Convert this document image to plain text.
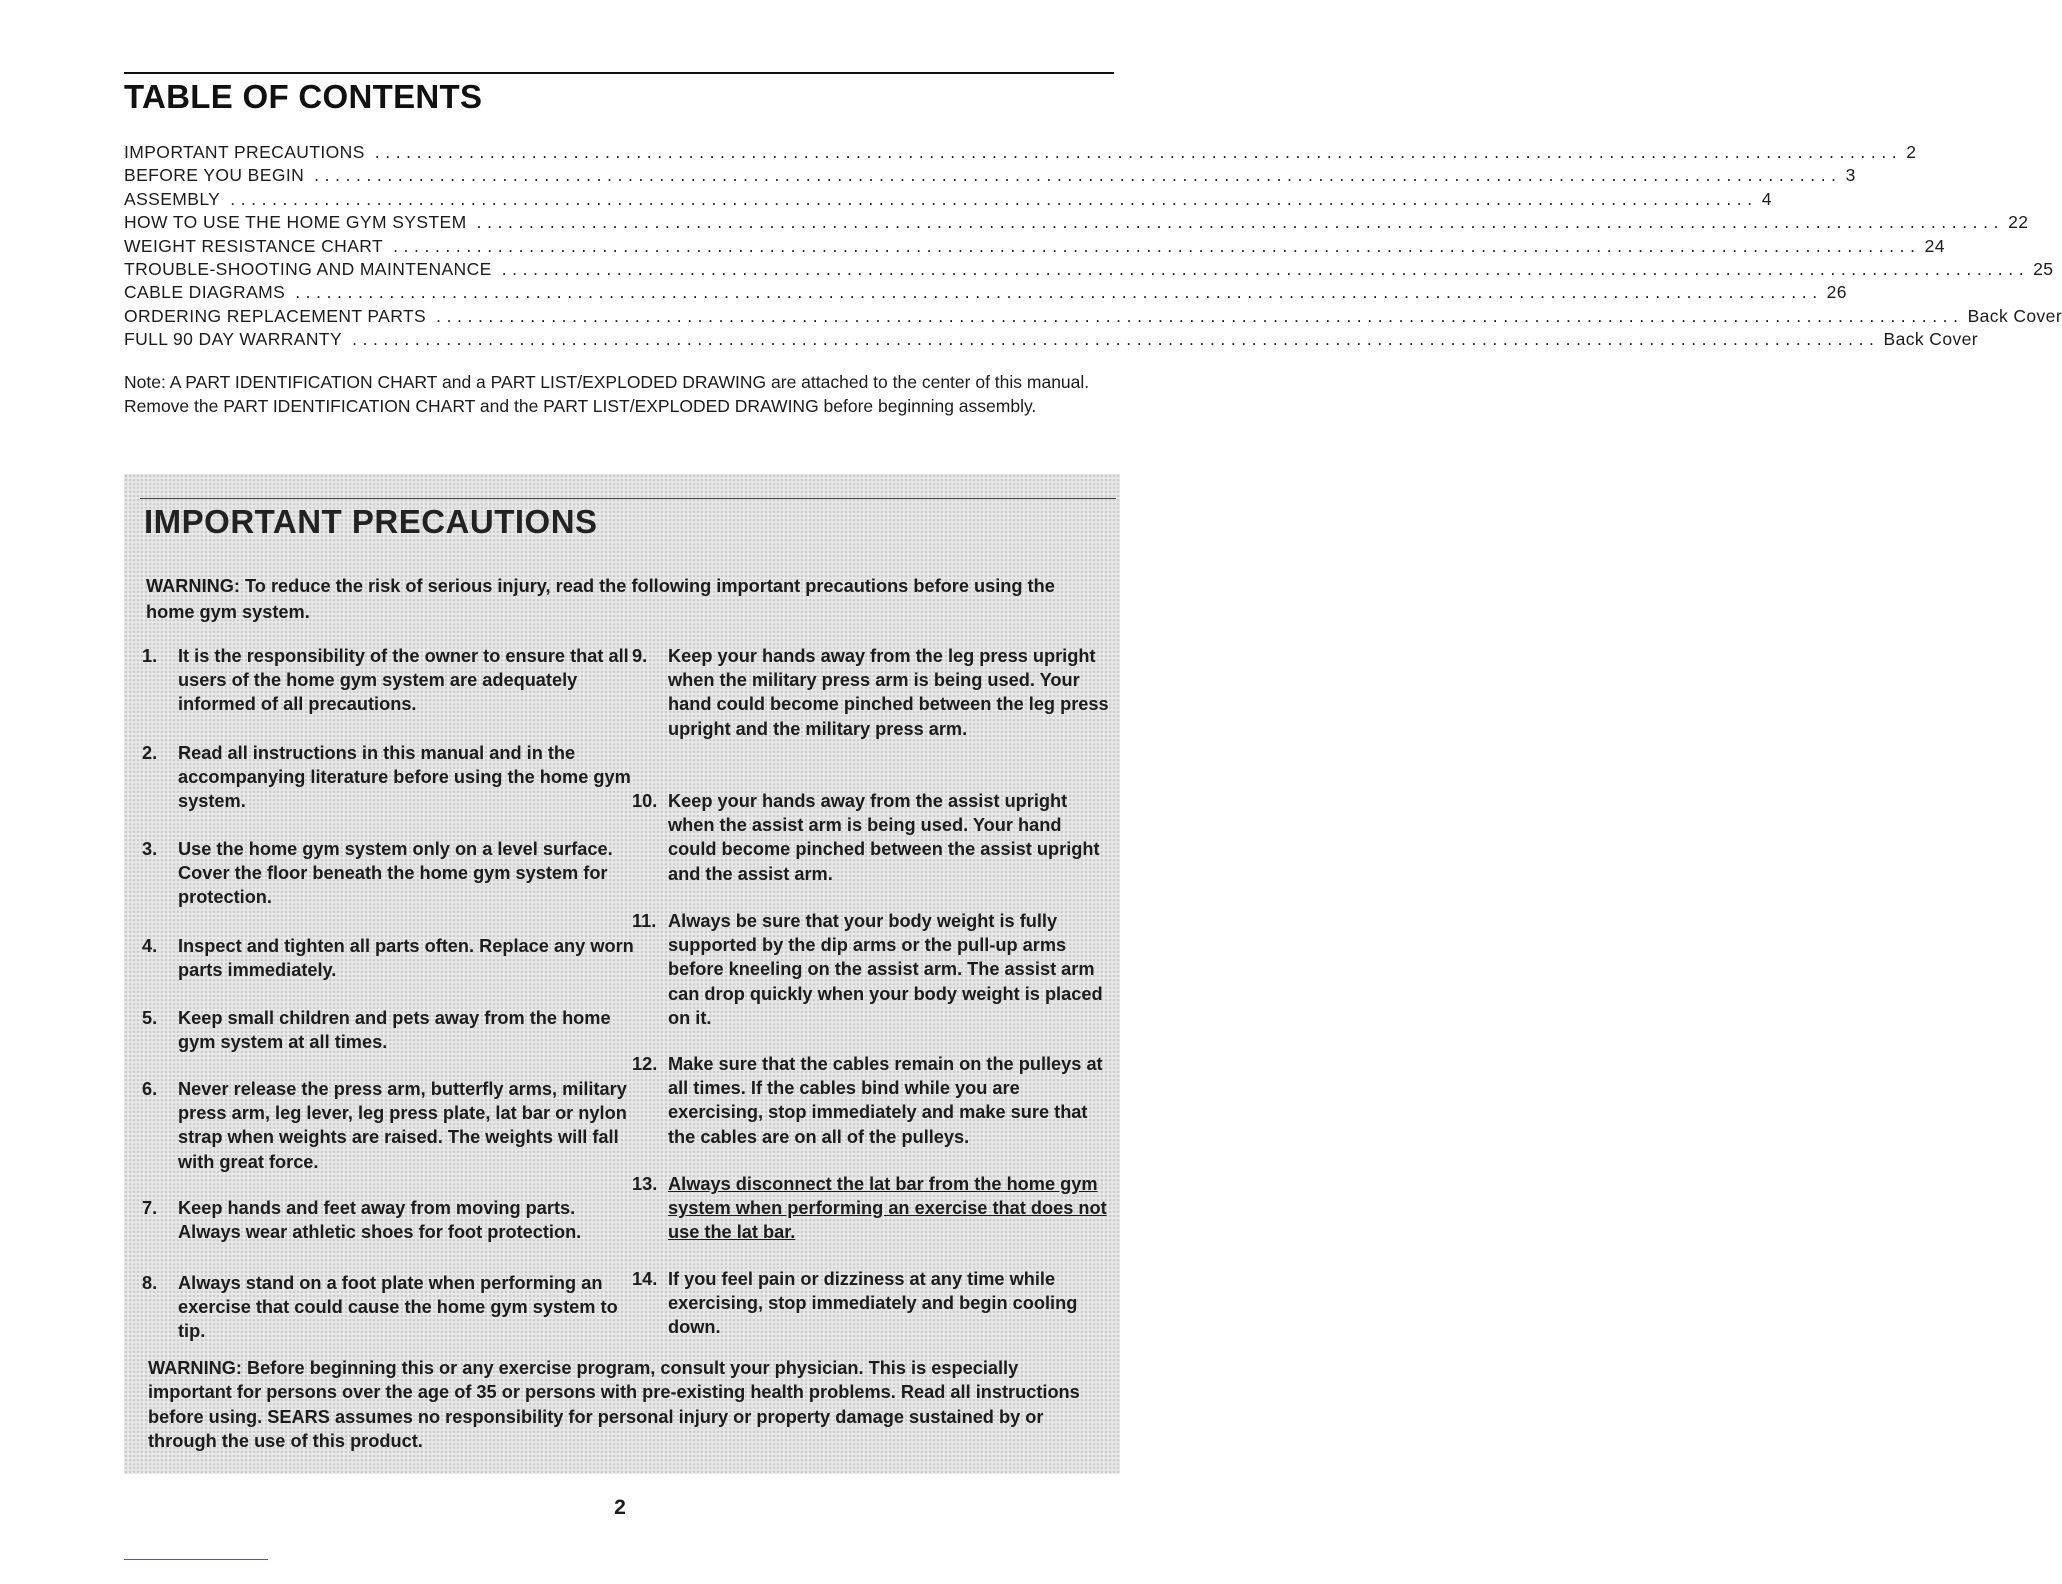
TABLE OF CONTENTS
IMPORTANT PRECAUTIONS .................................................................................................................................................. 2
BEFORE YOU BEGIN .................................................................................................................................................. 3
ASSEMBLY .................................................................................................................................................. 4
HOW TO USE THE HOME GYM SYSTEM .................................................................................................................................................. 22
WEIGHT RESISTANCE CHART .................................................................................................................................................. 24
TROUBLE-SHOOTING AND MAINTENANCE .................................................................................................................................................. 25
CABLE DIAGRAMS .................................................................................................................................................. 26
ORDERING REPLACEMENT PARTS .................................................................................................................................................. Back Cover
FULL 90 DAY WARRANTY .................................................................................................................................................. Back Cover

Note: A PART IDENTIFICATION CHART and a PART LIST/EXPLODED DRAWING are attached to the center of this manual. Remove the PART IDENTIFICATION CHART and the PART LIST/EXPLODED DRAWING before beginning assembly.

IMPORTANT PRECAUTIONS

WARNING: To reduce the risk of serious injury, read the following important precautions before using the home gym system.

1.	It is the responsibility of the owner to ensure that all users of the home gym system are adequately informed of all precautions.
2.	Read all instructions in this manual and in the accompanying literature before using the home gym system.
3.	Use the home gym system only on a level surface. Cover the floor beneath the home gym system for protection.
4.	Inspect and tighten all parts often. Replace any worn parts immediately.
5.	Keep small children and pets away from the home gym system at all times.
6.	Never release the press arm, butterfly arms, military press arm, leg lever, leg press plate, lat bar or nylon strap when weights are raised. The weights will fall with great force.
7.	Keep hands and feet away from moving parts. Always wear athletic shoes for foot protection.
8.	Always stand on a foot plate when performing an exercise that could cause the home gym system to tip.
9.	Keep your hands away from the leg press upright when the military press arm is being used. Your hand could become pinched between the leg press upright and the military press arm.
10. Keep your hands away from the assist upright when the assist arm is being used. Your hand could become pinched between the assist upright and the assist arm.
11. Always be sure that your body weight is fully supported by the dip arms or the pull-up arms before kneeling on the assist arm. The assist arm can drop quickly when your body weight is placed on it.
12. Make sure that the cables remain on the pulleys at all times. If the cables bind while you are exercising, stop immediately and make sure that the cables are on all of the pulleys.
13. Always disconnect the lat bar from the home gym system when performing an exercise that does not use the lat bar.
14. If you feel pain or dizziness at any time while exercising, stop immediately and begin cooling down.

WARNING: Before beginning this or any exercise program, consult your physician. This is especially important for persons over the age of 35 or persons with pre-existing health problems. Read all instructions before using. SEARS assumes no responsibility for personal injury or property damage sustained by or through the use of this product.

2
